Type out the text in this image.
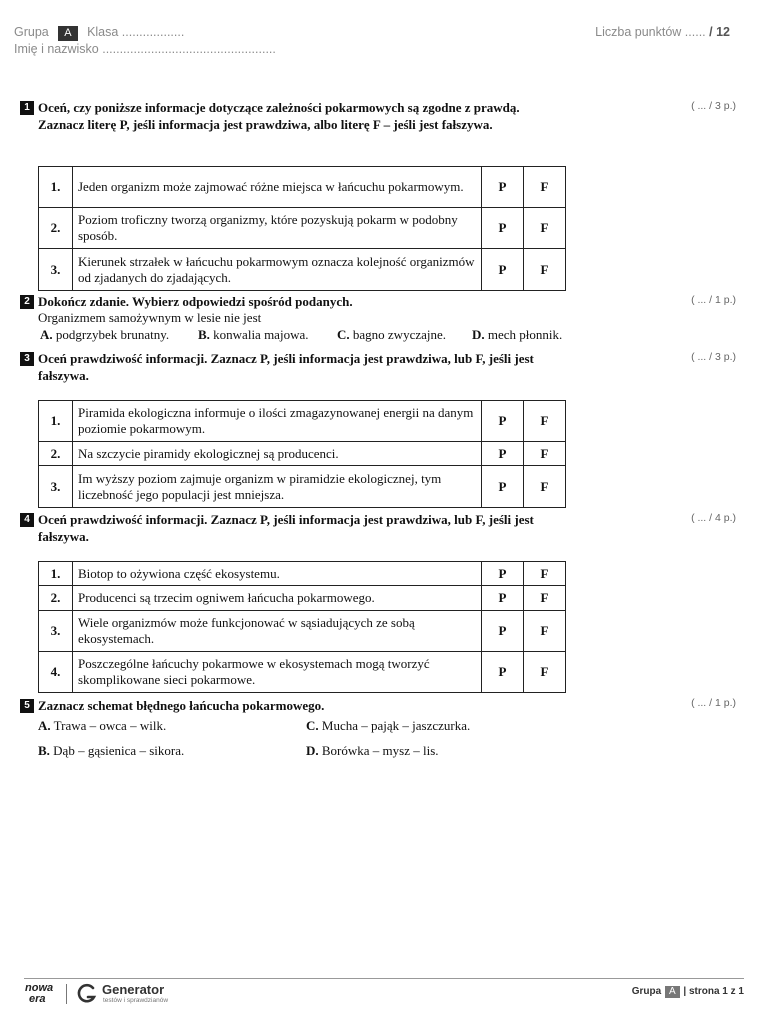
Grupa A Klasa ..................
Imię i nazwisko ..................................................
Liczba punktów ...... / 12
1 Oceń, czy poniższe informacje dotyczące zależności pokarmowych są zgodne z prawdą. Zaznacz literę P, jeśli informacja jest prawdziwa, albo literę F – jeśli jest fałszywa.
( ... / 3 p.)
1.	Jeden organizm może zajmować różne miejsca w łańcuchu pokarmowym.	P	F
2.	Poziom troficzny tworzą organizmy, które pozyskują pokarm w podobny sposób.	P	F
3.	Kierunek strzałek w łańcuchu pokarmowym oznacza kolejność organizmów od zjadanych do zjadających.	P	F
2 Dokończ zdanie. Wybierz odpowiedzi spośród podanych.	( ... / 1 p.)
Organizmem samożywnym w lesie nie jest
A. podgrzybek brunatny. B. konwalia majowa. C. bagno zwyczajne. D. mech płonnik.
3 Oceń prawdziwość informacji. Zaznacz P, jeśli informacja jest prawdziwa, lub F, jeśli jest fałszywa.
( ... / 3 p.)
1.	Piramida ekologiczna informuje o ilości zmagazynowanej energii na danym poziomie pokarmowym.	P	F
2.	Na szczycie piramidy ekologicznej są producenci.	P	F
3.	Im wyższy poziom zajmuje organizm w piramidzie ekologicznej, tym liczebność jego populacji jest mniejsza.	P	F
4 Oceń prawdziwość informacji. Zaznacz P, jeśli informacja jest prawdziwa, lub F, jeśli jest fałszywa.
( ... / 4 p.)
1.	Biotop to ożywiona część ekosystemu.	P	F
2.	Producenci są trzecim ogniwem łańcucha pokarmowego.	P	F
3.	Wiele organizmów może funkcjonować w sąsiadujących ze sobą ekosystemach.	P	F
4.	Poszczególne łańcuchy pokarmowe w ekosystemach mogą tworzyć skomplikowane sieci pokarmowe.	P	F
5 Zaznacz schemat błędnego łańcucha pokarmowego.	( ... / 1 p.)
A. Trawa – owca – wilk.
B. Dąb – gąsienica – sikora.
C. Mucha – pająk – jaszczurka.
D. Borówka – mysz – lis.
nowa
era
Generator
testów i sprawdzianów
Grupa A | strona 1 z 1
